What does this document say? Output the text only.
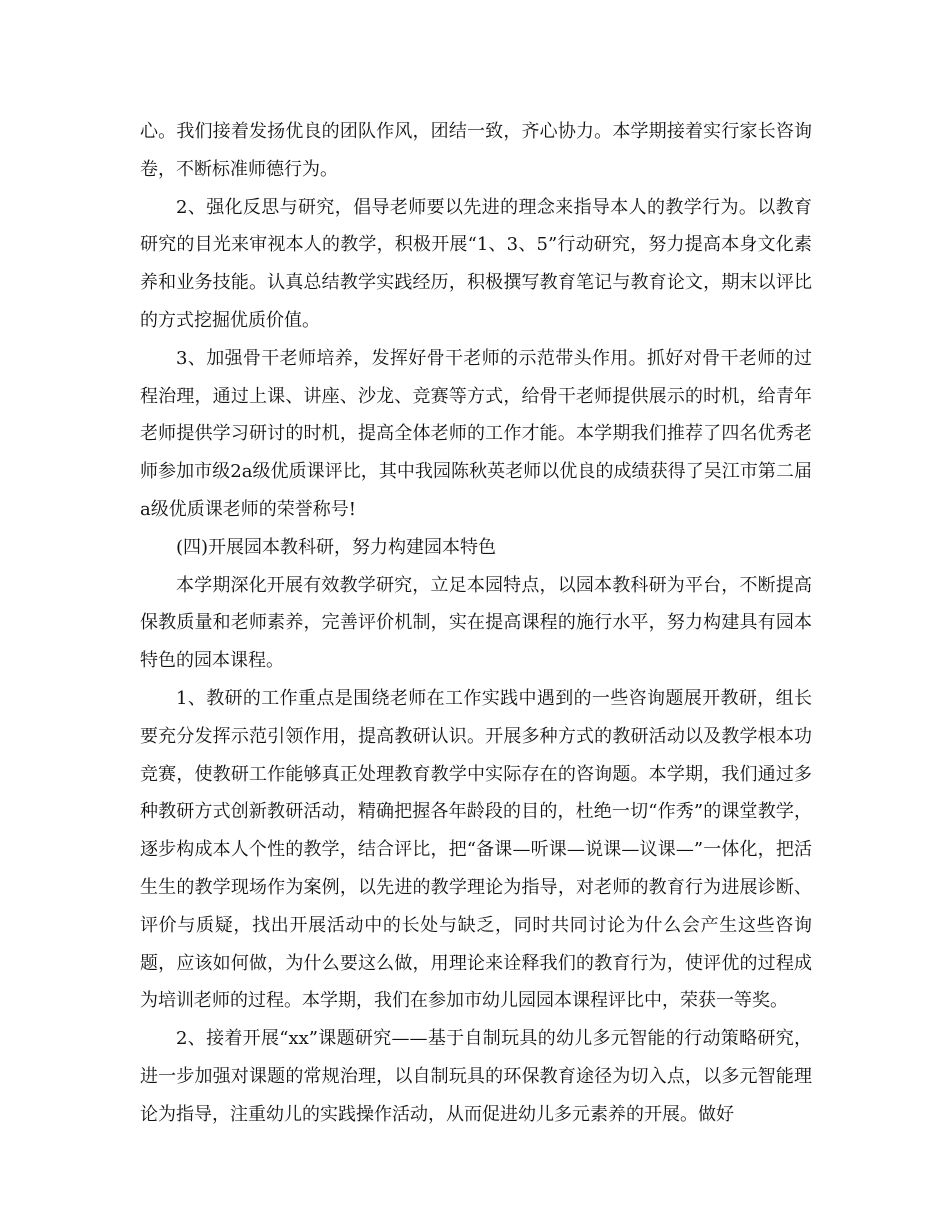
心。我们接着发扬优良的团队作风，团结一致，齐心协力。本学期接着实行家长咨询卷，不断标准师德行为。

2、强化反思与研究，倡导老师要以先进的理念来指导本人的教学行为。以教育研究的目光来审视本人的教学，积极开展“1、3、5”行动研究，努力提高本身文化素养和业务技能。认真总结教学实践经历，积极撰写教育笔记与教育论文，期末以评比的方式挖掘优质价值。

3、加强骨干老师培养，发挥好骨干老师的示范带头作用。抓好对骨干老师的过程治理，通过上课、讲座、沙龙、竞赛等方式，给骨干老师提供展示的时机，给青年老师提供学习研讨的时机，提高全体老师的工作才能。本学期我们推荐了四名优秀老师参加市级2a级优质课评比，其中我园陈秋英老师以优良的成绩获得了吴江市第二届a级优质课老师的荣誉称号!

(四)开展园本教科研，努力构建园本特色

本学期深化开展有效教学研究，立足本园特点，以园本教科研为平台，不断提高保教质量和老师素养，完善评价机制，实在提高课程的施行水平，努力构建具有园本特色的园本课程。

1、教研的工作重点是围绕老师在工作实践中遇到的一些咨询题展开教研，组长要充分发挥示范引领作用，提高教研认识。开展多种方式的教研活动以及教学根本功竞赛，使教研工作能够真正处理教育教学中实际存在的咨询题。本学期，我们通过多种教研方式创新教研活动，精确把握各年龄段的目的，杜绝一切“作秀”的课堂教学，逐步构成本人个性的教学，结合评比，把“备课—听课—说课—议课—”一体化，把活生生的教学现场作为案例，以先进的教学理论为指导，对老师的教育行为进展诊断、评价与质疑，找出开展活动中的长处与缺乏，同时共同讨论为什么会产生这些咨询题，应该如何做，为什么要这么做，用理论来诠释我们的教育行为，使评优的过程成为培训老师的过程。本学期，我们在参加市幼儿园园本课程评比中，荣获一等奖。

2、接着开展“xx”课题研究——基于自制玩具的幼儿多元智能的行动策略研究，进一步加强对课题的常规治理，以自制玩具的环保教育途径为切入点，以多元智能理论为指导，注重幼儿的实践操作活动，从而促进幼儿多元素养的开展。做好
